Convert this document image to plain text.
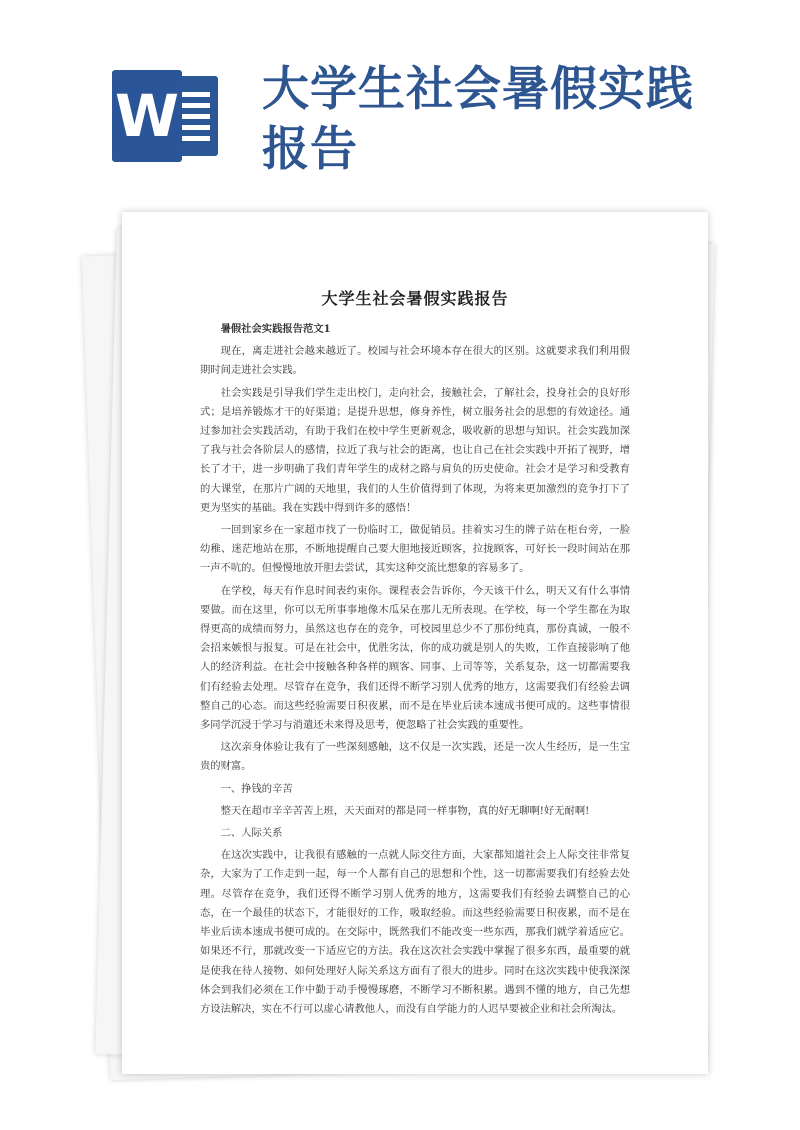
W 大学生社会暑假实践报告
大学生社会暑假实践报告

暑假社会实践报告范文1

现在，离走进社会越来越近了。校园与社会环境本存在很大的区别。这就要求我们利用假期时间走进社会实践。

社会实践是引导我们学生走出校门，走向社会，接触社会，了解社会，投身社会的良好形式；是培养锻炼才干的好渠道；是提升思想，修身养性，树立服务社会的思想的有效途径。通过参加社会实践活动，有助于我们在校中学生更新观念，吸收新的思想与知识。社会实践加深了我与社会各阶层人的感情，拉近了我与社会的距离，也让自己在社会实践中开拓了视野，增长了才干，进一步明确了我们青年学生的成材之路与肩负的历史使命。社会才是学习和受教育的大课堂，在那片广阔的天地里，我们的人生价值得到了体现，为将来更加激烈的竞争打下了更为坚实的基础。我在实践中得到许多的感悟！

一回到家乡在一家超市找了一份临时工，做促销员。挂着实习生的牌子站在柜台旁，一脸幼稚、迷茫地站在那，不断地提醒自己要大胆地接近顾客，拉拢顾客，可好长一段时间站在那一声不吭的。但慢慢地放开胆去尝试，其实这种交流比想象的容易多了。

在学校，每天有作息时间表约束你。课程表会告诉你，今天该干什么，明天又有什么事情要做。而在这里，你可以无所事事地像木瓜呆在那儿无所表现。在学校，每一个学生都在为取得更高的成绩而努力，虽然这也存在的竞争，可校园里总少不了那份纯真，那份真诚，一般不会招来嫉恨与报复。可是在社会中，优胜劣汰，你的成功就是别人的失败，工作直接影响了他人的经济利益。在社会中接触各种各样的顾客、同事、上司等等，关系复杂，这一切都需要我们有经验去处理。尽管存在竞争，我们还得不断学习别人优秀的地方，这需要我们有经验去调整自己的心态。而这些经验需要日积夜累，而不是在毕业后读本速成书便可成的。这些事情很多同学沉浸于学习与消遣还未来得及思考，便忽略了社会实践的重要性。

这次亲身体验让我有了一些深刻感触，这不仅是一次实践，还是一次人生经历，是一生宝贵的财富。

一、挣钱的辛苦

整天在超市辛辛苦苦上班，天天面对的都是同一样事物，真的好无聊啊!好无耐啊!

二、人际关系

在这次实践中，让我很有感触的一点就人际交往方面，大家都知道社会上人际交往非常复杂，大家为了工作走到一起，每一个人都有自己的思想和个性，这一切都需要我们有经验去处理。尽管存在竞争，我们还得不断学习别人优秀的地方，这需要我们有经验去调整自己的心态，在一个最佳的状态下，才能很好的工作，吸取经验。而这些经验需要日积夜累，而不是在毕业后读本速成书便可成的。在交际中，既然我们不能改变一些东西，那我们就学着适应它。如果还不行，那就改变一下适应它的方法。我在这次社会实践中掌握了很多东西，最重要的就是使我在待人接物、如何处理好人际关系这方面有了很大的进步。同时在这次实践中使我深深体会到我们必须在工作中勤于动手慢慢琢磨，不断学习不断积累。遇到不懂的地方，自己先想方设法解决，实在不行可以虚心请教他人，而没有自学能力的人迟早要被企业和社会所淘汰。
